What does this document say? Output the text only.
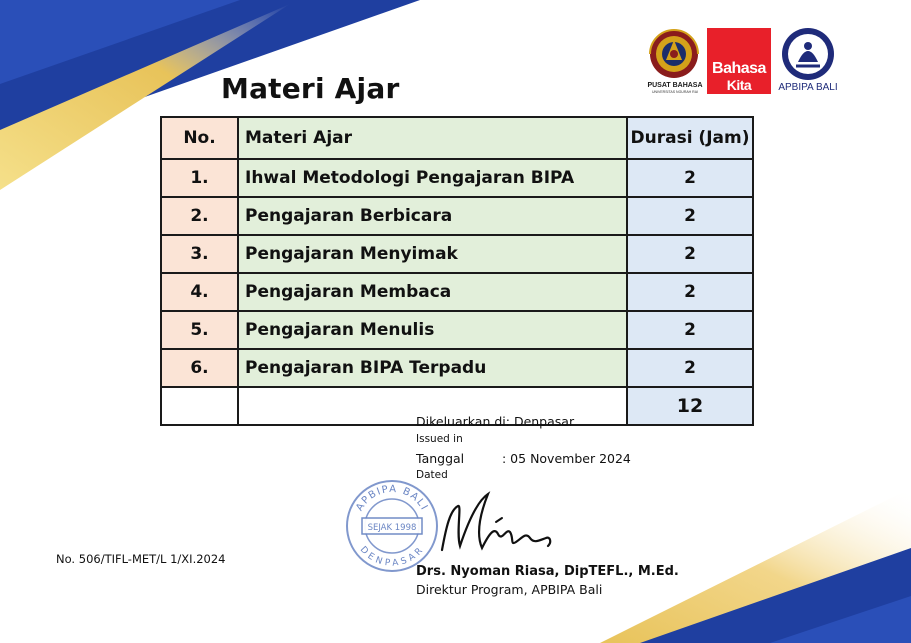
PUSAT BAHASA
UNIVERSITAS NGURAH RAI
Bahasa
Kita	APBIPA BALI
Materi Ajar
No.	Materi Ajar	Durasi (Jam)
1.	Ihwal Metodologi Pengajaran BIPA	2
2.	Pengajaran Berbicara	2
3.	Pengajaran Menyimak	2
4.	Pengajaran Membaca	2
5.	Pengajaran Menulis	2
6.	Pengajaran BIPA Terpadu	2
		12
Dikeluarkan di: Denpasar
Issued in
Tanggal	: 05 November 2024
Dated
No. 506/TIFL-MET/L 1/XI.2024
APBIPA BALI
SEJAK 1998
DENPASAR
Drs. Nyoman Riasa, DipTEFL., M.Ed.
Direktur Program, APBIPA Bali
